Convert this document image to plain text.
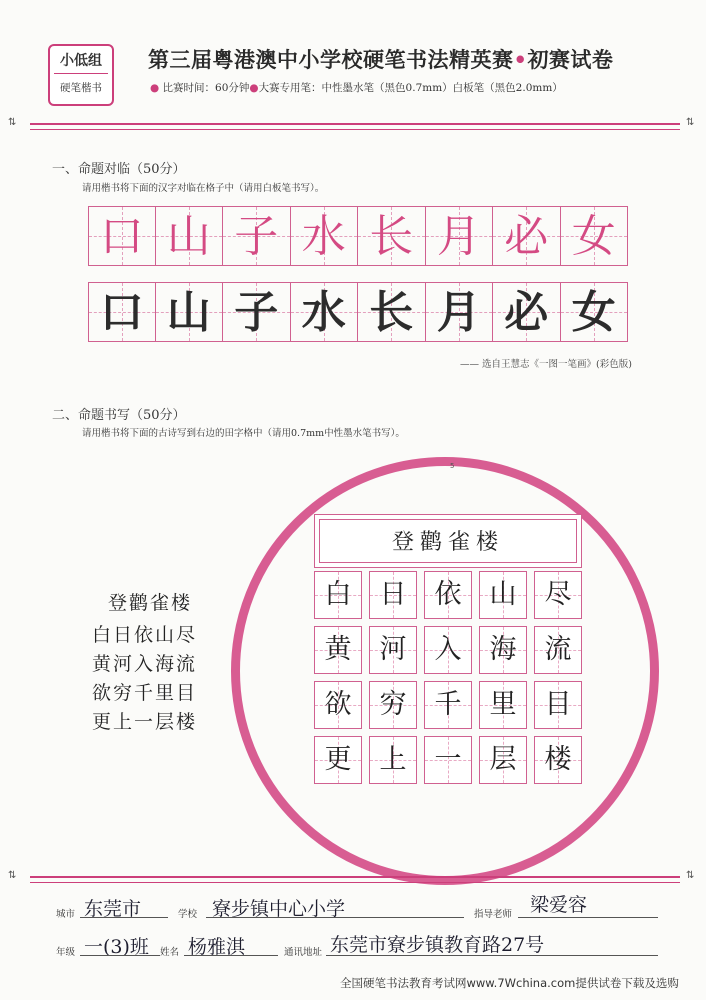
小低组
硬笔楷书
第三届粤港澳中小学校硬笔书法精英赛•初赛试卷
● 比赛时间：60分钟●大赛专用笔：中性墨水笔（黑色0.7mm）白板笔（黑色2.0mm）
⇅	⇅
一、命题对临（50分）
请用楷书将下面的汉字对临在格子中（请用白板笔书写）。
口 山 子 水 长 月 必 女
口 山 子 水 长 月 必 女
—— 选自王慧志《一图一笔画》(彩色版)
二、命题书写（50分）
请用楷书将下面的古诗写到右边的田字格中（请用0.7mm中性墨水笔书写）。
登鹳雀楼
白日依山尽
黄河入海流
欲穷千里目
更上一层楼
5
登鹳雀楼
白	日	依	山	尽
黄	河	入	海	流
欲	穷	千	里	目
更	上	一	层	楼
⇅	⇅
城市 东莞市	学校 寮步镇中心小学	指导老师 梁爱容
年级 一(3)班 姓名 杨雅淇	通讯地址 东莞市寮步镇教育路27号
全国硬笔书法教育考试网www.7Wchina.com提供试卷下载及选购
